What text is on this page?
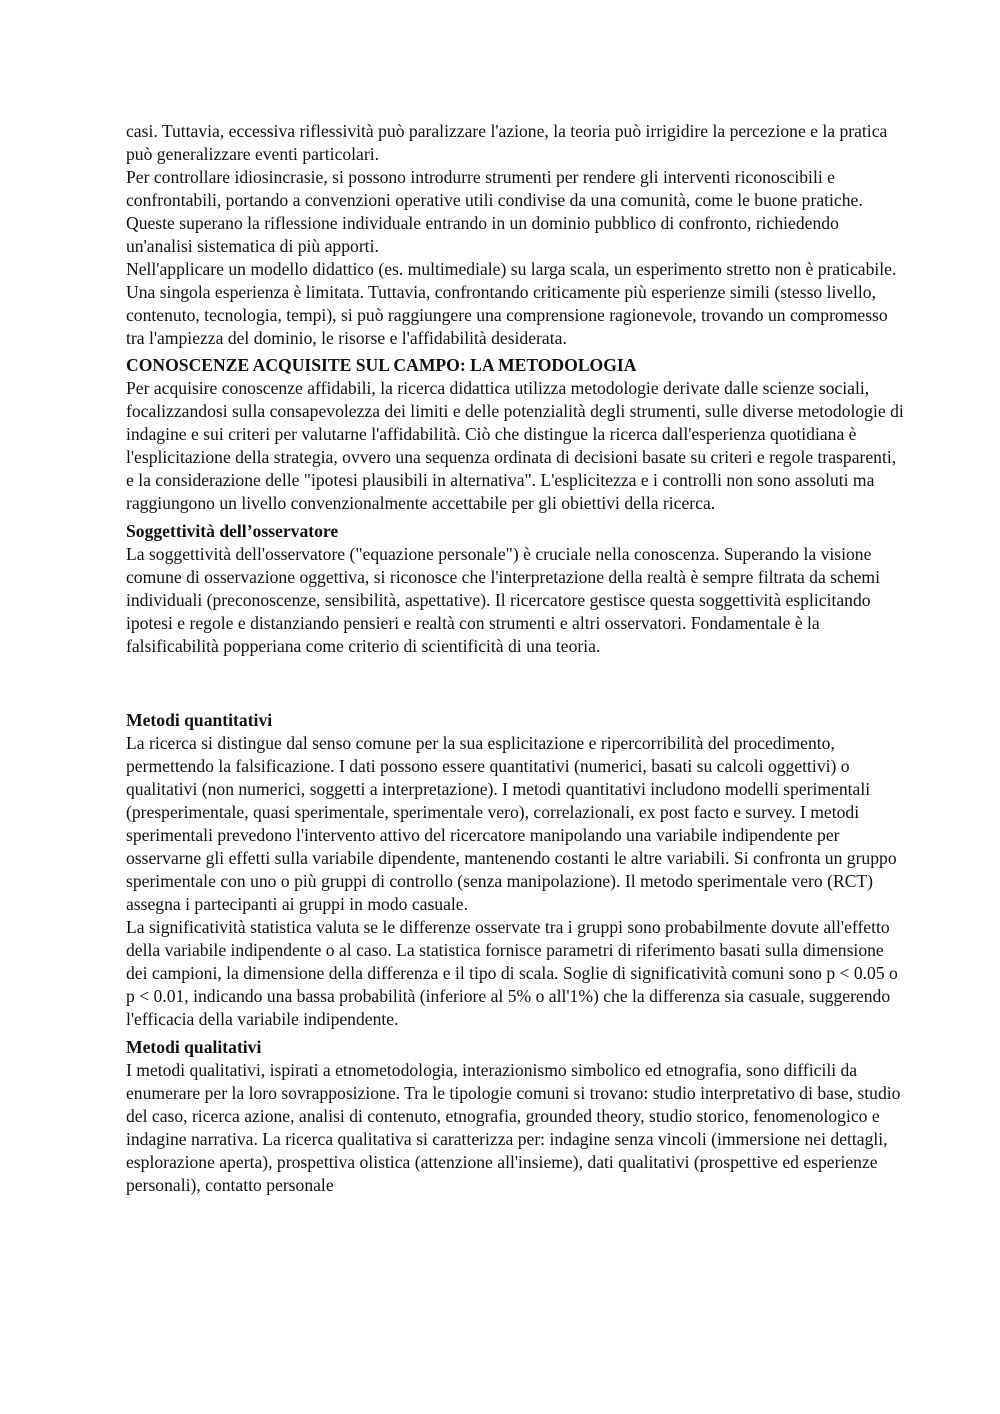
casi. Tuttavia, eccessiva riflessività può paralizzare l'azione, la teoria può irrigidire la percezione e la pratica può generalizzare eventi particolari.

Per controllare idiosincrasie, si possono introdurre strumenti per rendere gli interventi riconoscibili e confrontabili, portando a convenzioni operative utili condivise da una comunità, come le buone pratiche. Queste superano la riflessione individuale entrando in un dominio pubblico di confronto, richiedendo un'analisi sistematica di più apporti.

Nell'applicare un modello didattico (es. multimediale) su larga scala, un esperimento stretto non è praticabile. Una singola esperienza è limitata. Tuttavia, confrontando criticamente più esperienze simili (stesso livello, contenuto, tecnologia, tempi), si può raggiungere una comprensione ragionevole, trovando un compromesso tra l'ampiezza del dominio, le risorse e l'affidabilità desiderata.

CONOSCENZE ACQUISITE SUL CAMPO: LA METODOLOGIA

Per acquisire conoscenze affidabili, la ricerca didattica utilizza metodologie derivate dalle scienze sociali, focalizzandosi sulla consapevolezza dei limiti e delle potenzialità degli strumenti, sulle diverse metodologie di indagine e sui criteri per valutarne l'affidabilità. Ciò che distingue la ricerca dall'esperienza quotidiana è l'esplicitazione della strategia, ovvero una sequenza ordinata di decisioni basate su criteri e regole trasparenti, e la considerazione delle "ipotesi plausibili in alternativa". L'esplicitezza e i controlli non sono assoluti ma raggiungono un livello convenzionalmente accettabile per gli obiettivi della ricerca.

Soggettività dell’osservatore

La soggettività dell'osservatore ("equazione personale") è cruciale nella conoscenza. Superando la visione comune di osservazione oggettiva, si riconosce che l'interpretazione della realtà è sempre filtrata da schemi individuali (preconoscenze, sensibilità, aspettative). Il ricercatore gestisce questa soggettività esplicitando ipotesi e regole e distanziando pensieri e realtà con strumenti e altri osservatori. Fondamentale è la falsificabilità popperiana come criterio di scientificità di una teoria.

Metodi quantitativi

La ricerca si distingue dal senso comune per la sua esplicitazione e ripercorribilità del procedimento, permettendo la falsificazione. I dati possono essere quantitativi (numerici, basati su calcoli oggettivi) o qualitativi (non numerici, soggetti a interpretazione). I metodi quantitativi includono modelli sperimentali (presperimentale, quasi sperimentale, sperimentale vero), correlazionali, ex post facto e survey. I metodi sperimentali prevedono l'intervento attivo del ricercatore manipolando una variabile indipendente per osservarne gli effetti sulla variabile dipendente, mantenendo costanti le altre variabili. Si confronta un gruppo sperimentale con uno o più gruppi di controllo (senza manipolazione). Il metodo sperimentale vero (RCT) assegna i partecipanti ai gruppi in modo casuale.

La significatività statistica valuta se le differenze osservate tra i gruppi sono probabilmente dovute all'effetto della variabile indipendente o al caso. La statistica fornisce parametri di riferimento basati sulla dimensione dei campioni, la dimensione della differenza e il tipo di scala. Soglie di significatività comuni sono p < 0.05 o p < 0.01, indicando una bassa probabilità (inferiore al 5% o all'1%) che la differenza sia casuale, suggerendo l'efficacia della variabile indipendente.

Metodi qualitativi

I metodi qualitativi, ispirati a etnometodologia, interazionismo simbolico ed etnografia, sono difficili da enumerare per la loro sovrapposizione. Tra le tipologie comuni si trovano: studio interpretativo di base, studio del caso, ricerca azione, analisi di contenuto, etnografia, grounded theory, studio storico, fenomenologico e indagine narrativa. La ricerca qualitativa si caratterizza per: indagine senza vincoli (immersione nei dettagli, esplorazione aperta), prospettiva olistica (attenzione all'insieme), dati qualitativi (prospettive ed esperienze personali), contatto personale
